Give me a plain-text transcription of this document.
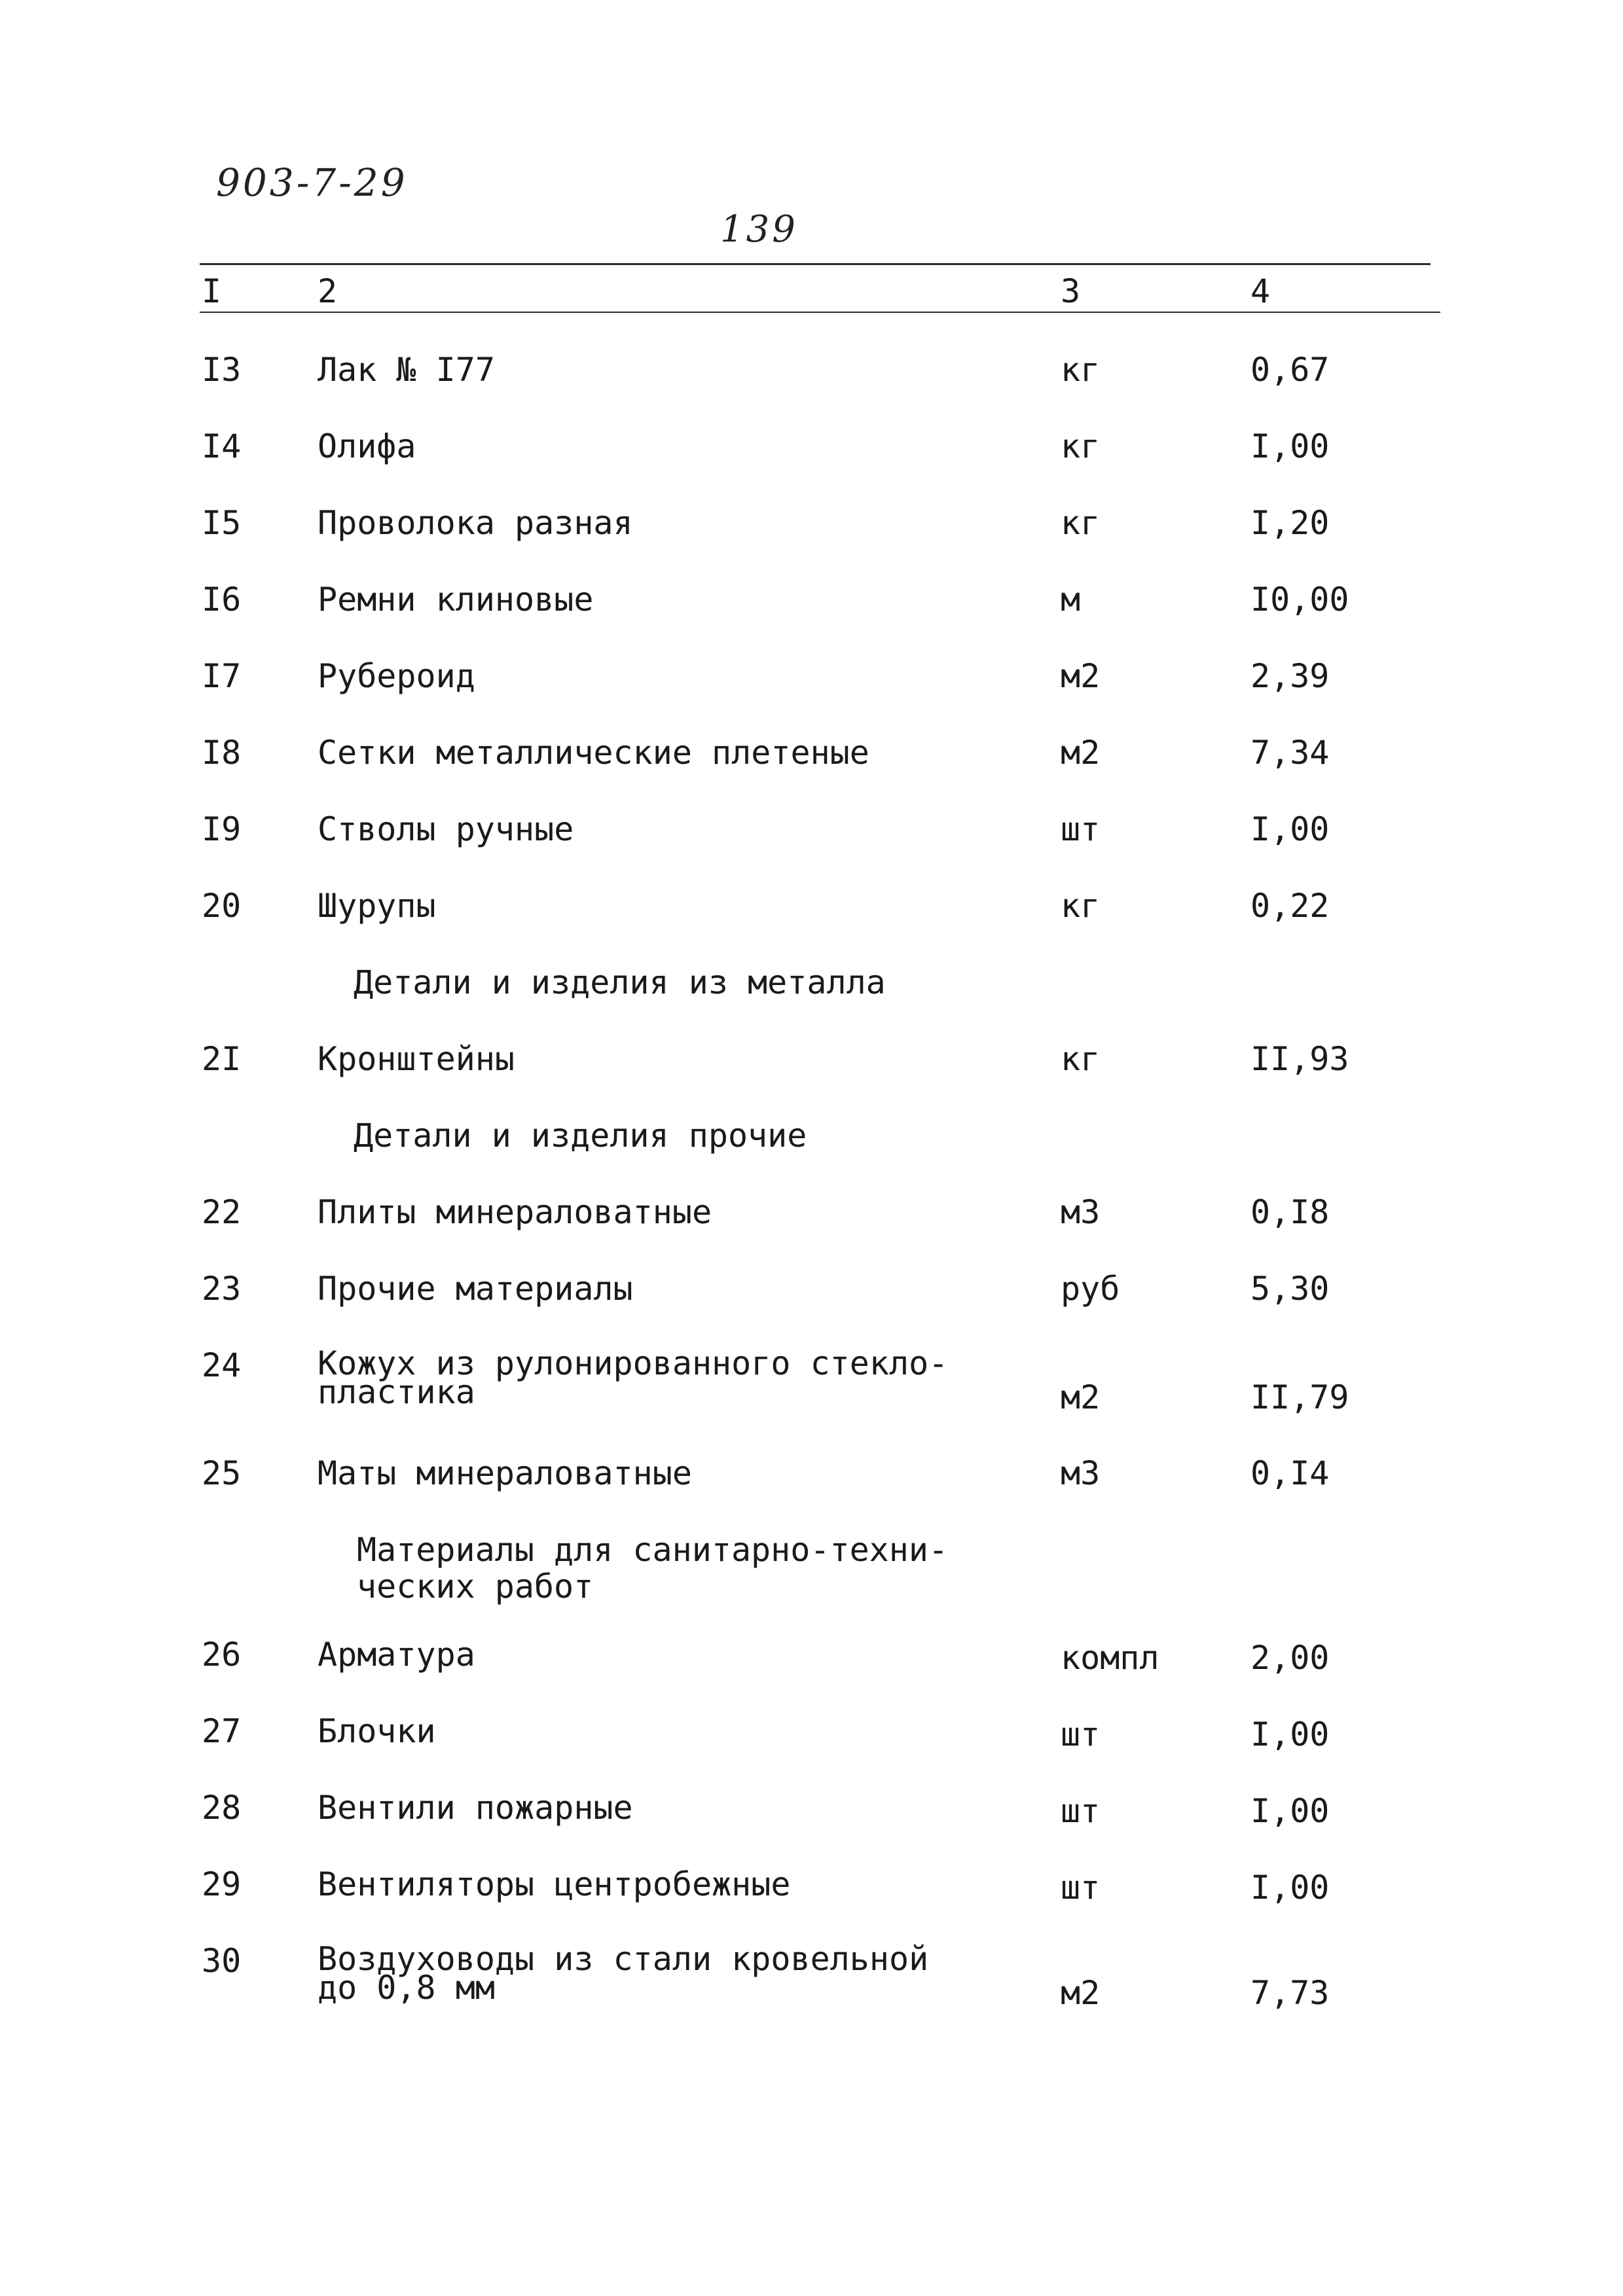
903-7-29
139
I	2	3	4
I3 Лак № I77	кг	0,67
I4 Олифа	кг	I,00
I5 Проволока разная	кг	I,20
I6 Ремни клиновые	м	I0,00
I7 Рубероид	м2	2,39
I8 Сетки металлические плетеные	м2	7,34
I9 Стволы ручные	шт	I,00
20 Шурупы	кг	0,22
Детали и изделия из металла
2I Кронштейны	кг	II,93
Детали и изделия прочие
22 Плиты минераловатные	м3	0,I8
23 Прочие материалы	руб	5,30
24 Кожух из рулонированного стекло-пластика	м2	II,79
25 Маты минераловатные	м3	0,I4
Материалы для санитарно-техни-ческих работ
26 Арматура	компл	2,00
27 Блочки	шт	I,00
28 Вентили пожарные	шт	I,00
29 Вентиляторы центробежные	шт	I,00
30 Воздуховоды из стали кровельной до 0,8 мм	м2	7,73
